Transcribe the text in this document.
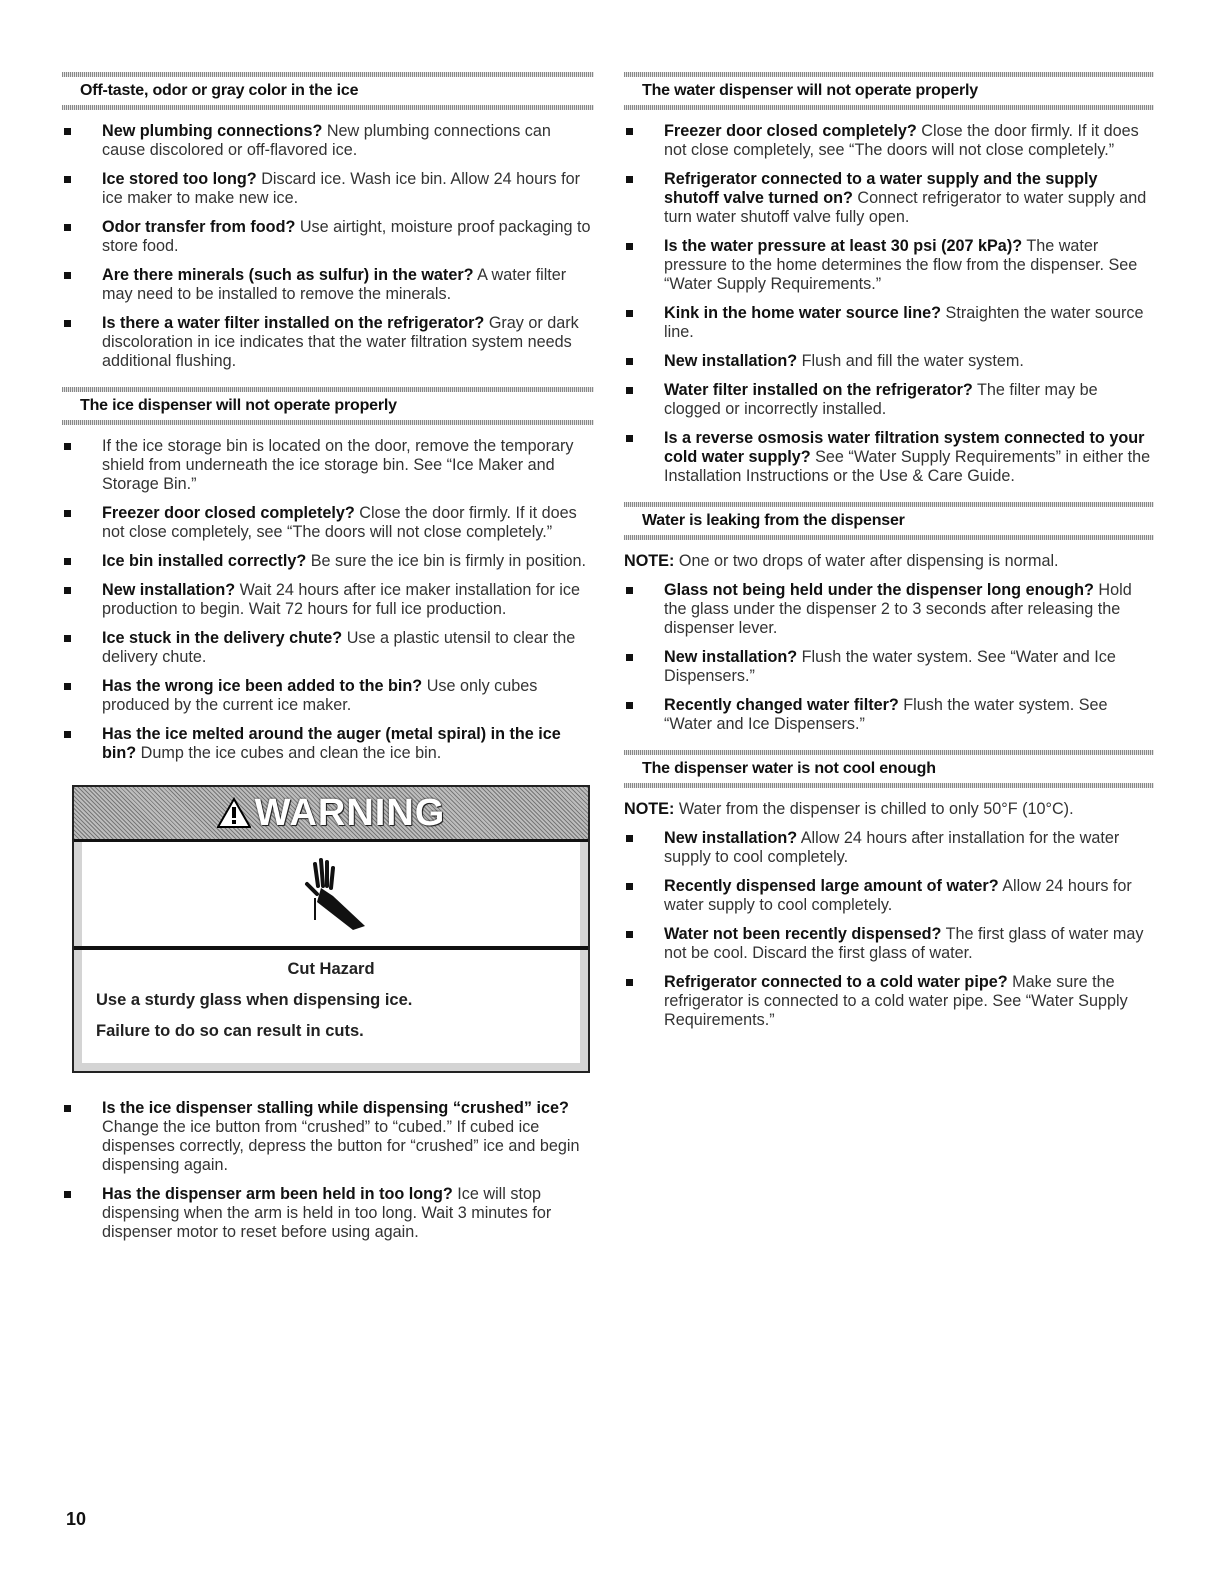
Off-taste, odor or gray color in the ice
New plumbing connections? New plumbing connections can cause discolored or off-flavored ice.
Ice stored too long? Discard ice. Wash ice bin. Allow 24 hours for ice maker to make new ice.
Odor transfer from food? Use airtight, moisture proof packaging to store food.
Are there minerals (such as sulfur) in the water? A water filter may need to be installed to remove the minerals.
Is there a water filter installed on the refrigerator? Gray or dark discoloration in ice indicates that the water filtration system needs additional flushing.
The ice dispenser will not operate properly
If the ice storage bin is located on the door, remove the temporary shield from underneath the ice storage bin. See “Ice Maker and Storage Bin.”
Freezer door closed completely? Close the door firmly. If it does not close completely, see “The doors will not close completely.”
Ice bin installed correctly? Be sure the ice bin is firmly in position.
New installation? Wait 24 hours after ice maker installation for ice production to begin. Wait 72 hours for full ice production.
Ice stuck in the delivery chute? Use a plastic utensil to clear the delivery chute.
Has the wrong ice been added to the bin? Use only cubes produced by the current ice maker.
Has the ice melted around the auger (metal spiral) in the ice bin? Dump the ice cubes and clean the ice bin.
WARNING
Cut Hazard
Use a sturdy glass when dispensing ice.
Failure to do so can result in cuts.
Is the ice dispenser stalling while dispensing “crushed” ice? Change the ice button from “crushed” to “cubed.” If cubed ice dispenses correctly, depress the button for “crushed” ice and begin dispensing again.
Has the dispenser arm been held in too long? Ice will stop dispensing when the arm is held in too long. Wait 3 minutes for dispenser motor to reset before using again.
The water dispenser will not operate properly
Freezer door closed completely? Close the door firmly. If it does not close completely, see “The doors will not close completely.”
Refrigerator connected to a water supply and the supply shutoff valve turned on? Connect refrigerator to water supply and turn water shutoff valve fully open.
Is the water pressure at least 30 psi (207 kPa)? The water pressure to the home determines the flow from the dispenser. See “Water Supply Requirements.”
Kink in the home water source line? Straighten the water source line.
New installation? Flush and fill the water system.
Water filter installed on the refrigerator? The filter may be clogged or incorrectly installed.
Is a reverse osmosis water filtration system connected to your cold water supply? See “Water Supply Requirements” in either the Installation Instructions or the Use & Care Guide.
Water is leaking from the dispenser

NOTE: One or two drops of water after dispensing is normal.

Glass not being held under the dispenser long enough? Hold the glass under the dispenser 2 to 3 seconds after releasing the dispenser lever.
New installation? Flush the water system. See “Water and Ice Dispensers.”
Recently changed water filter? Flush the water system. See “Water and Ice Dispensers.”
The dispenser water is not cool enough

NOTE: Water from the dispenser is chilled to only 50°F (10°C).

New installation? Allow 24 hours after installation for the water supply to cool completely.
Recently dispensed large amount of water? Allow 24 hours for water supply to cool completely.
Water not been recently dispensed? The first glass of water may not be cool. Discard the first glass of water.
Refrigerator connected to a cold water pipe? Make sure the refrigerator is connected to a cold water pipe. See “Water Supply Requirements.”
10
